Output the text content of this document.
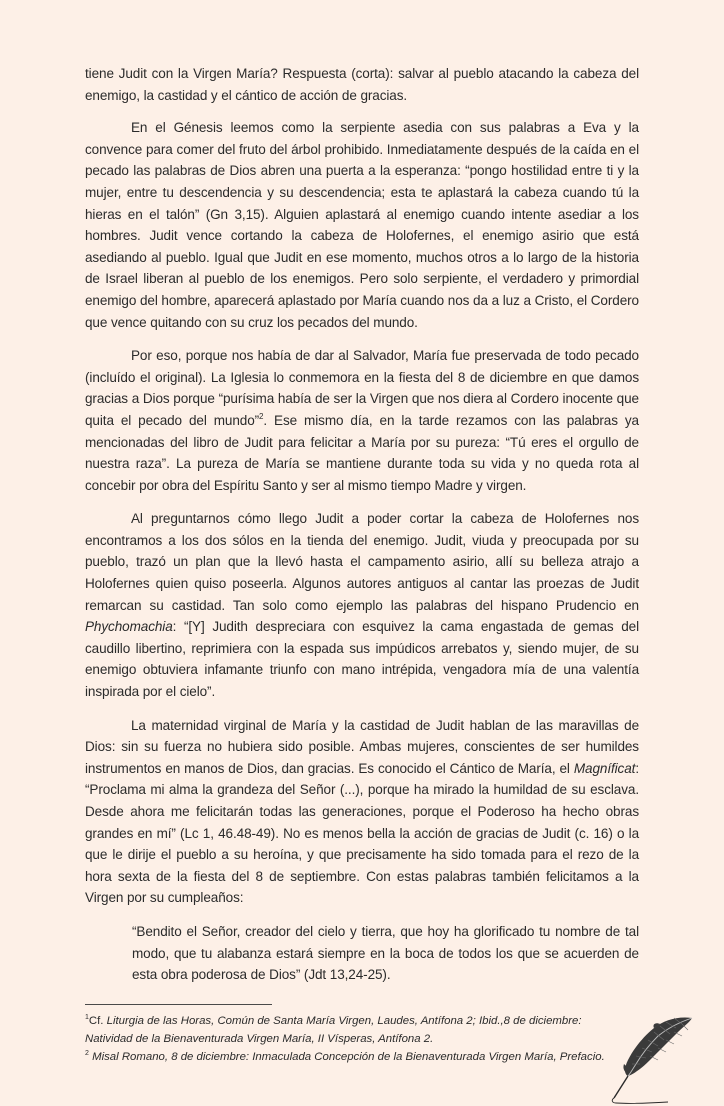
tiene Judit con la Virgen María? Respuesta (corta): salvar al pueblo atacando la cabeza del enemigo, la castidad y el cántico de acción de gracias.

En el Génesis leemos como la serpiente asedia con sus palabras a Eva y la convence para comer del fruto del árbol prohibido. Inmediatamente después de la caída en el pecado las palabras de Dios abren una puerta a la esperanza: “pongo hostilidad entre ti y la mujer, entre tu descendencia y su descendencia; esta te aplastará la cabeza cuando tú la hieras en el talón” (Gn 3,15). Alguien aplastará al enemigo cuando intente asediar a los hombres. Judit vence cortando la cabeza de Holofernes, el enemigo asirio que está asediando al pueblo. Igual que Judit en ese momento, muchos otros a lo largo de la historia de Israel liberan al pueblo de los enemigos. Pero solo serpiente, el verdadero y primordial enemigo del hombre, aparecerá aplastado por María cuando nos da a luz a Cristo, el Cordero que vence quitando con su cruz los pecados del mundo.

Por eso, porque nos había de dar al Salvador, María fue preservada de todo pecado (incluído el original). La Iglesia lo conmemora en la fiesta del 8 de diciembre en que damos gracias a Dios porque “purísima había de ser la Virgen que nos diera al Cordero inocente que quita el pecado del mundo”$^2$. Ese mismo día, en la tarde rezamos con las palabras ya mencionadas del libro de Judit para felicitar a María por su pureza: “Tú eres el orgullo de nuestra raza”. La pureza de María se mantiene durante toda su vida y no queda rota al concebir por obra del Espíritu Santo y ser al mismo tiempo Madre y virgen.

Al preguntarnos cómo llego Judit a poder cortar la cabeza de Holofernes nos encontramos a los dos sólos en la tienda del enemigo. Judit, viuda y preocupada por su pueblo, trazó un plan que la llevó hasta el campamento asirio, allí su belleza atrajo a Holofernes quien quiso poseerla. Algunos autores antiguos al cantar las proezas de Judit remarcan su castidad. Tan solo como ejemplo las palabras del hispano Prudencio en Phychomachia: “[Y] Judith despreciara con esquivez la cama engastada de gemas del caudillo libertino, reprimiera con la espada sus impúdicos arrebatos y, siendo mujer, de su enemigo obtuviera infamante triunfo con mano intrépida, vengadora mía de una valentía inspirada por el cielo”.

La maternidad virginal de María y la castidad de Judit hablan de las maravillas de Dios: sin su fuerza no hubiera sido posible. Ambas mujeres, conscientes de ser humildes instrumentos en manos de Dios, dan gracias. Es conocido el Cántico de María, el Magníficat: “Proclama mi alma la grandeza del Señor (...), porque ha mirado la humildad de su esclava. Desde ahora me felicitarán todas las generaciones, porque el Poderoso ha hecho obras grandes en mí” (Lc 1, 46.48-49). No es menos bella la acción de gracias de Judit (c. 16) o la que le dirije el pueblo a su heroína, y que precisamente ha sido tomada para el rezo de la hora sexta de la fiesta del 8 de septiembre. Con estas palabras también felicitamos a la Virgen por su cumpleaños:

“Bendito el Señor, creador del cielo y tierra, que hoy ha glorificado tu nombre de tal modo, que tu alabanza estará siempre en la boca de todos los que se acuerden de esta obra poderosa de Dios” (Jdt 13,24-25).

$^1$Cf. Liturgia de las Horas, Común de Santa María Virgen, Laudes, Antífona 2; Ibid.,8 de diciembre: Natividad de la Bienaventurada Virgen María, II Vísperas, Antífona 2.

$^2$ Misal Romano, 8 de diciembre: Inmaculada Concepción de la Bienaventurada Virgen María, Prefacio.
